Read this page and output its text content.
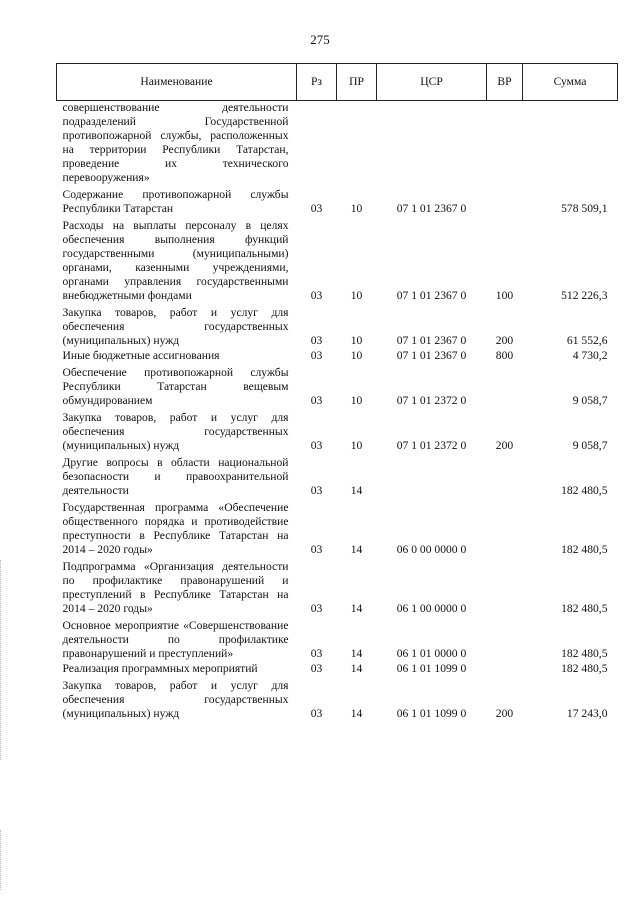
275
Наименование	Рз	ПР	ЦСР	ВР	Сумма
совершенствование деятельности подразделений Государственной противопожарной службы, расположенных на территории Республики Татарстан, проведение их технического перевооружения»					
Содержание противопожарной службы Республики Татарстан	03	10	07 1 01 2367 0		578 509,1
Расходы на выплаты персоналу в целях обеспечения выполнения функций государственными (муниципальными) органами, казенными учреждениями, органами управления государственными внебюджетными фондами	03	10	07 1 01 2367 0	100	512 226,3
Закупка товаров, работ и услуг для обеспечения государственных (муниципальных) нужд	03	10	07 1 01 2367 0	200	61 552,6
Иные бюджетные ассигнования	03	10	07 1 01 2367 0	800	4 730,2
Обеспечение противопожарной службы Республики Татарстан вещевым обмундированием	03	10	07 1 01 2372 0		9 058,7
Закупка товаров, работ и услуг для обеспечения государственных (муниципальных) нужд	03	10	07 1 01 2372 0	200	9 058,7
Другие вопросы в области национальной безопасности и правоохранительной деятельности	03	14			182 480,5
Государственная программа «Обеспечение общественного порядка и противодействие преступности в Республике Татарстан на 2014 – 2020 годы»	03	14	06 0 00 0000 0		182 480,5
Подпрограмма «Организация деятельности по профилактике правонарушений и преступлений в Республике Татарстан на 2014 – 2020 годы»	03	14	06 1 00 0000 0		182 480,5
Основное мероприятие «Совершенствование деятельности по профилактике правонарушений и преступлений»	03	14	06 1 01 0000 0		182 480,5
Реализация программных мероприятий	03	14	06 1 01 1099 0		182 480,5
Закупка товаров, работ и услуг для обеспечения государственных (муниципальных) нужд	03	14	06 1 01 1099 0	200	17 243,0
